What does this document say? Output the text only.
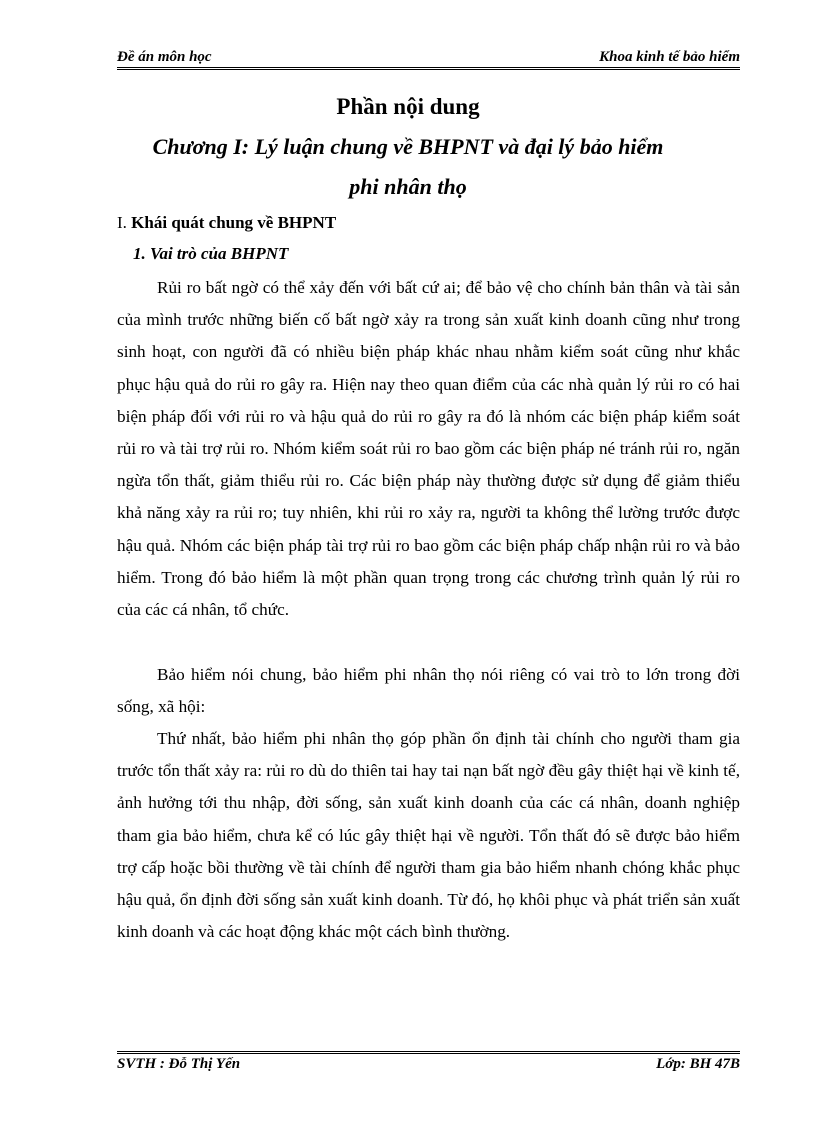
Đề án môn học	Khoa kinh tế bảo hiểm
Phần nội dung
Chương I: Lý luận chung về BHPNT và đại lý bảo hiểm
phi nhân thọ
I. Khái quát chung về BHPNT
1. Vai trò của BHPNT

Rủi ro bất ngờ có thể xảy đến với bất cứ ai; để bảo vệ cho chính bản thân và tài sản của mình trước những biến cố bất ngờ xảy ra trong sản xuất kinh doanh cũng như trong sinh hoạt, con người đã có nhiều biện pháp khác nhau nhằm kiểm soát cũng như khắc phục hậu quả do rủi ro gây ra. Hiện nay theo quan điểm của các nhà quản lý rủi ro có hai biện pháp đối với rủi ro và hậu quả do rủi ro gây ra đó là nhóm các biện pháp kiểm soát rủi ro và tài trợ rủi ro. Nhóm kiểm soát rủi ro bao gồm các biện pháp né tránh rủi ro, ngăn ngừa tổn thất, giảm thiểu rủi ro. Các biện pháp này thường được sử dụng để giảm thiểu khả năng xảy ra rủi ro; tuy nhiên, khi rủi ro xảy ra, người ta không thể lường trước được hậu quả. Nhóm các biện pháp tài trợ rủi ro bao gồm các biện pháp chấp nhận rủi ro và bảo hiểm. Trong đó bảo hiểm là một phần quan trọng trong các chương trình quản lý rủi ro của các cá nhân, tổ chức.

Bảo hiểm nói chung, bảo hiểm phi nhân thọ nói riêng có vai trò to lớn trong đời sống, xã hội:

Thứ nhất, bảo hiểm phi nhân thọ góp phần ổn định tài chính cho người tham gia trước tổn thất xảy ra: rủi ro dù do thiên tai hay tai nạn bất ngờ đều gây thiệt hại về kinh tế, ảnh hưởng tới thu nhập, đời sống, sản xuất kinh doanh của các cá nhân, doanh nghiệp tham gia bảo hiểm, chưa kể có lúc gây thiệt hại về người. Tổn thất đó sẽ được bảo hiểm trợ cấp hoặc bồi thường về tài chính để người tham gia bảo hiểm nhanh chóng khắc phục hậu quả, ổn định đời sống sản xuất kinh doanh. Từ đó, họ khôi phục và phát triển sản xuất kinh doanh và các hoạt động khác một cách bình thường.

SVTH : Đỗ Thị Yến	Lớp: BH 47B
